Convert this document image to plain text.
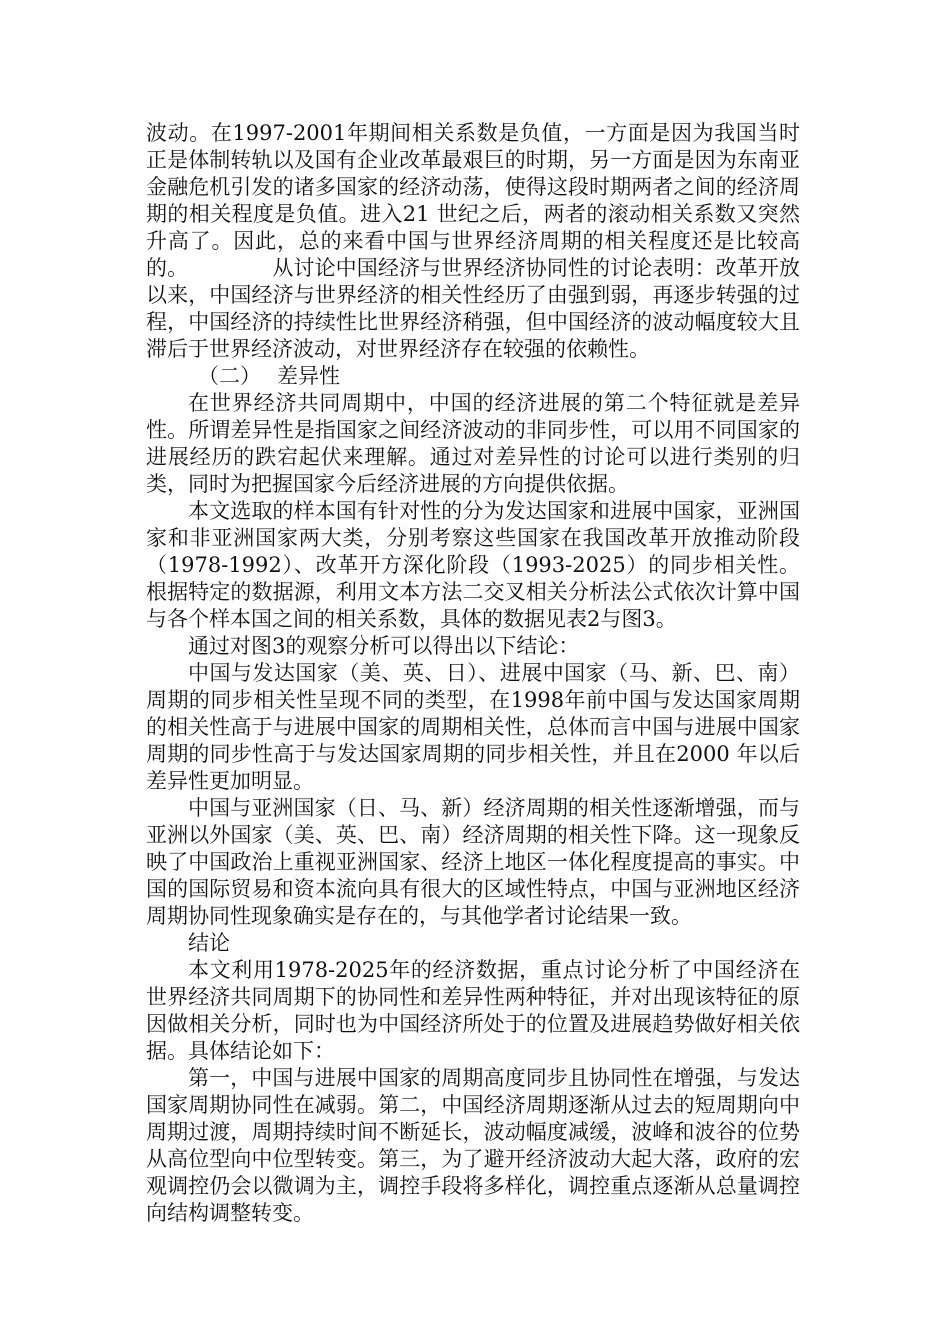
波动。在1997-2001年期间相关系数是负值，一方面是因为我国当时正是体制转轨以及国有企业改革最艰巨的时期，另一方面是因为东南亚金融危机引发的诸多国家的经济动荡，使得这段时期两者之间的经济周期的相关程度是负值。进入21 世纪之后，两者的滚动相关系数又突然升高了。因此，总的来看中国与世界经济周期的相关程度还是比较高的。	从讨论中国经济与世界经济协同性的讨论表明：改革开放以来，中国经济与世界经济的相关性经历了由强到弱，再逐步转强的过程，中国经济的持续性比世界经济稍强，但中国经济的波动幅度较大且滞后于世界经济波动，对世界经济存在较强的依赖性。

（二） 差异性

在世界经济共同周期中，中国的经济进展的第二个特征就是差异性。所谓差异性是指国家之间经济波动的非同步性，可以用不同国家的进展经历的跌宕起伏来理解。通过对差异性的讨论可以进行类别的归类，同时为把握国家今后经济进展的方向提供依据。

本文选取的样本国有针对性的分为发达国家和进展中国家，亚洲国家和非亚洲国家两大类，分别考察这些国家在我国改革开放推动阶段（1978-1992）、改革开方深化阶段（1993-2025）的同步相关性。根据特定的数据源，利用文本方法二交叉相关分析法公式依次计算中国与各个样本国之间的相关系数，具体的数据见表2与图3。

通过对图3的观察分析可以得出以下结论：

中国与发达国家（美、英、日）、进展中国家（马、新、巴、南）周期的同步相关性呈现不同的类型，在1998年前中国与发达国家周期的相关性高于与进展中国家的周期相关性，总体而言中国与进展中国家周期的同步性高于与发达国家周期的同步相关性，并且在2000 年以后差异性更加明显。

中国与亚洲国家（日、马、新）经济周期的相关性逐渐增强，而与亚洲以外国家（美、英、巴、南）经济周期的相关性下降。这一现象反映了中国政治上重视亚洲国家、经济上地区一体化程度提高的事实。中国的国际贸易和资本流向具有很大的区域性特点，中国与亚洲地区经济周期协同性现象确实是存在的，与其他学者讨论结果一致。

结论

本文利用1978-2025年的经济数据，重点讨论分析了中国经济在世界经济共同周期下的协同性和差异性两种特征，并对出现该特征的原因做相关分析，同时也为中国经济所处于的位置及进展趋势做好相关依据。具体结论如下：

第一，中国与进展中国家的周期高度同步且协同性在增强，与发达国家周期协同性在减弱。第二，中国经济周期逐渐从过去的短周期向中周期过渡，周期持续时间不断延长，波动幅度减缓，波峰和波谷的位势从高位型向中位型转变。第三，为了避开经济波动大起大落，政府的宏观调控仍会以微调为主，调控手段将多样化，调控重点逐渐从总量调控向结构调整转变。
